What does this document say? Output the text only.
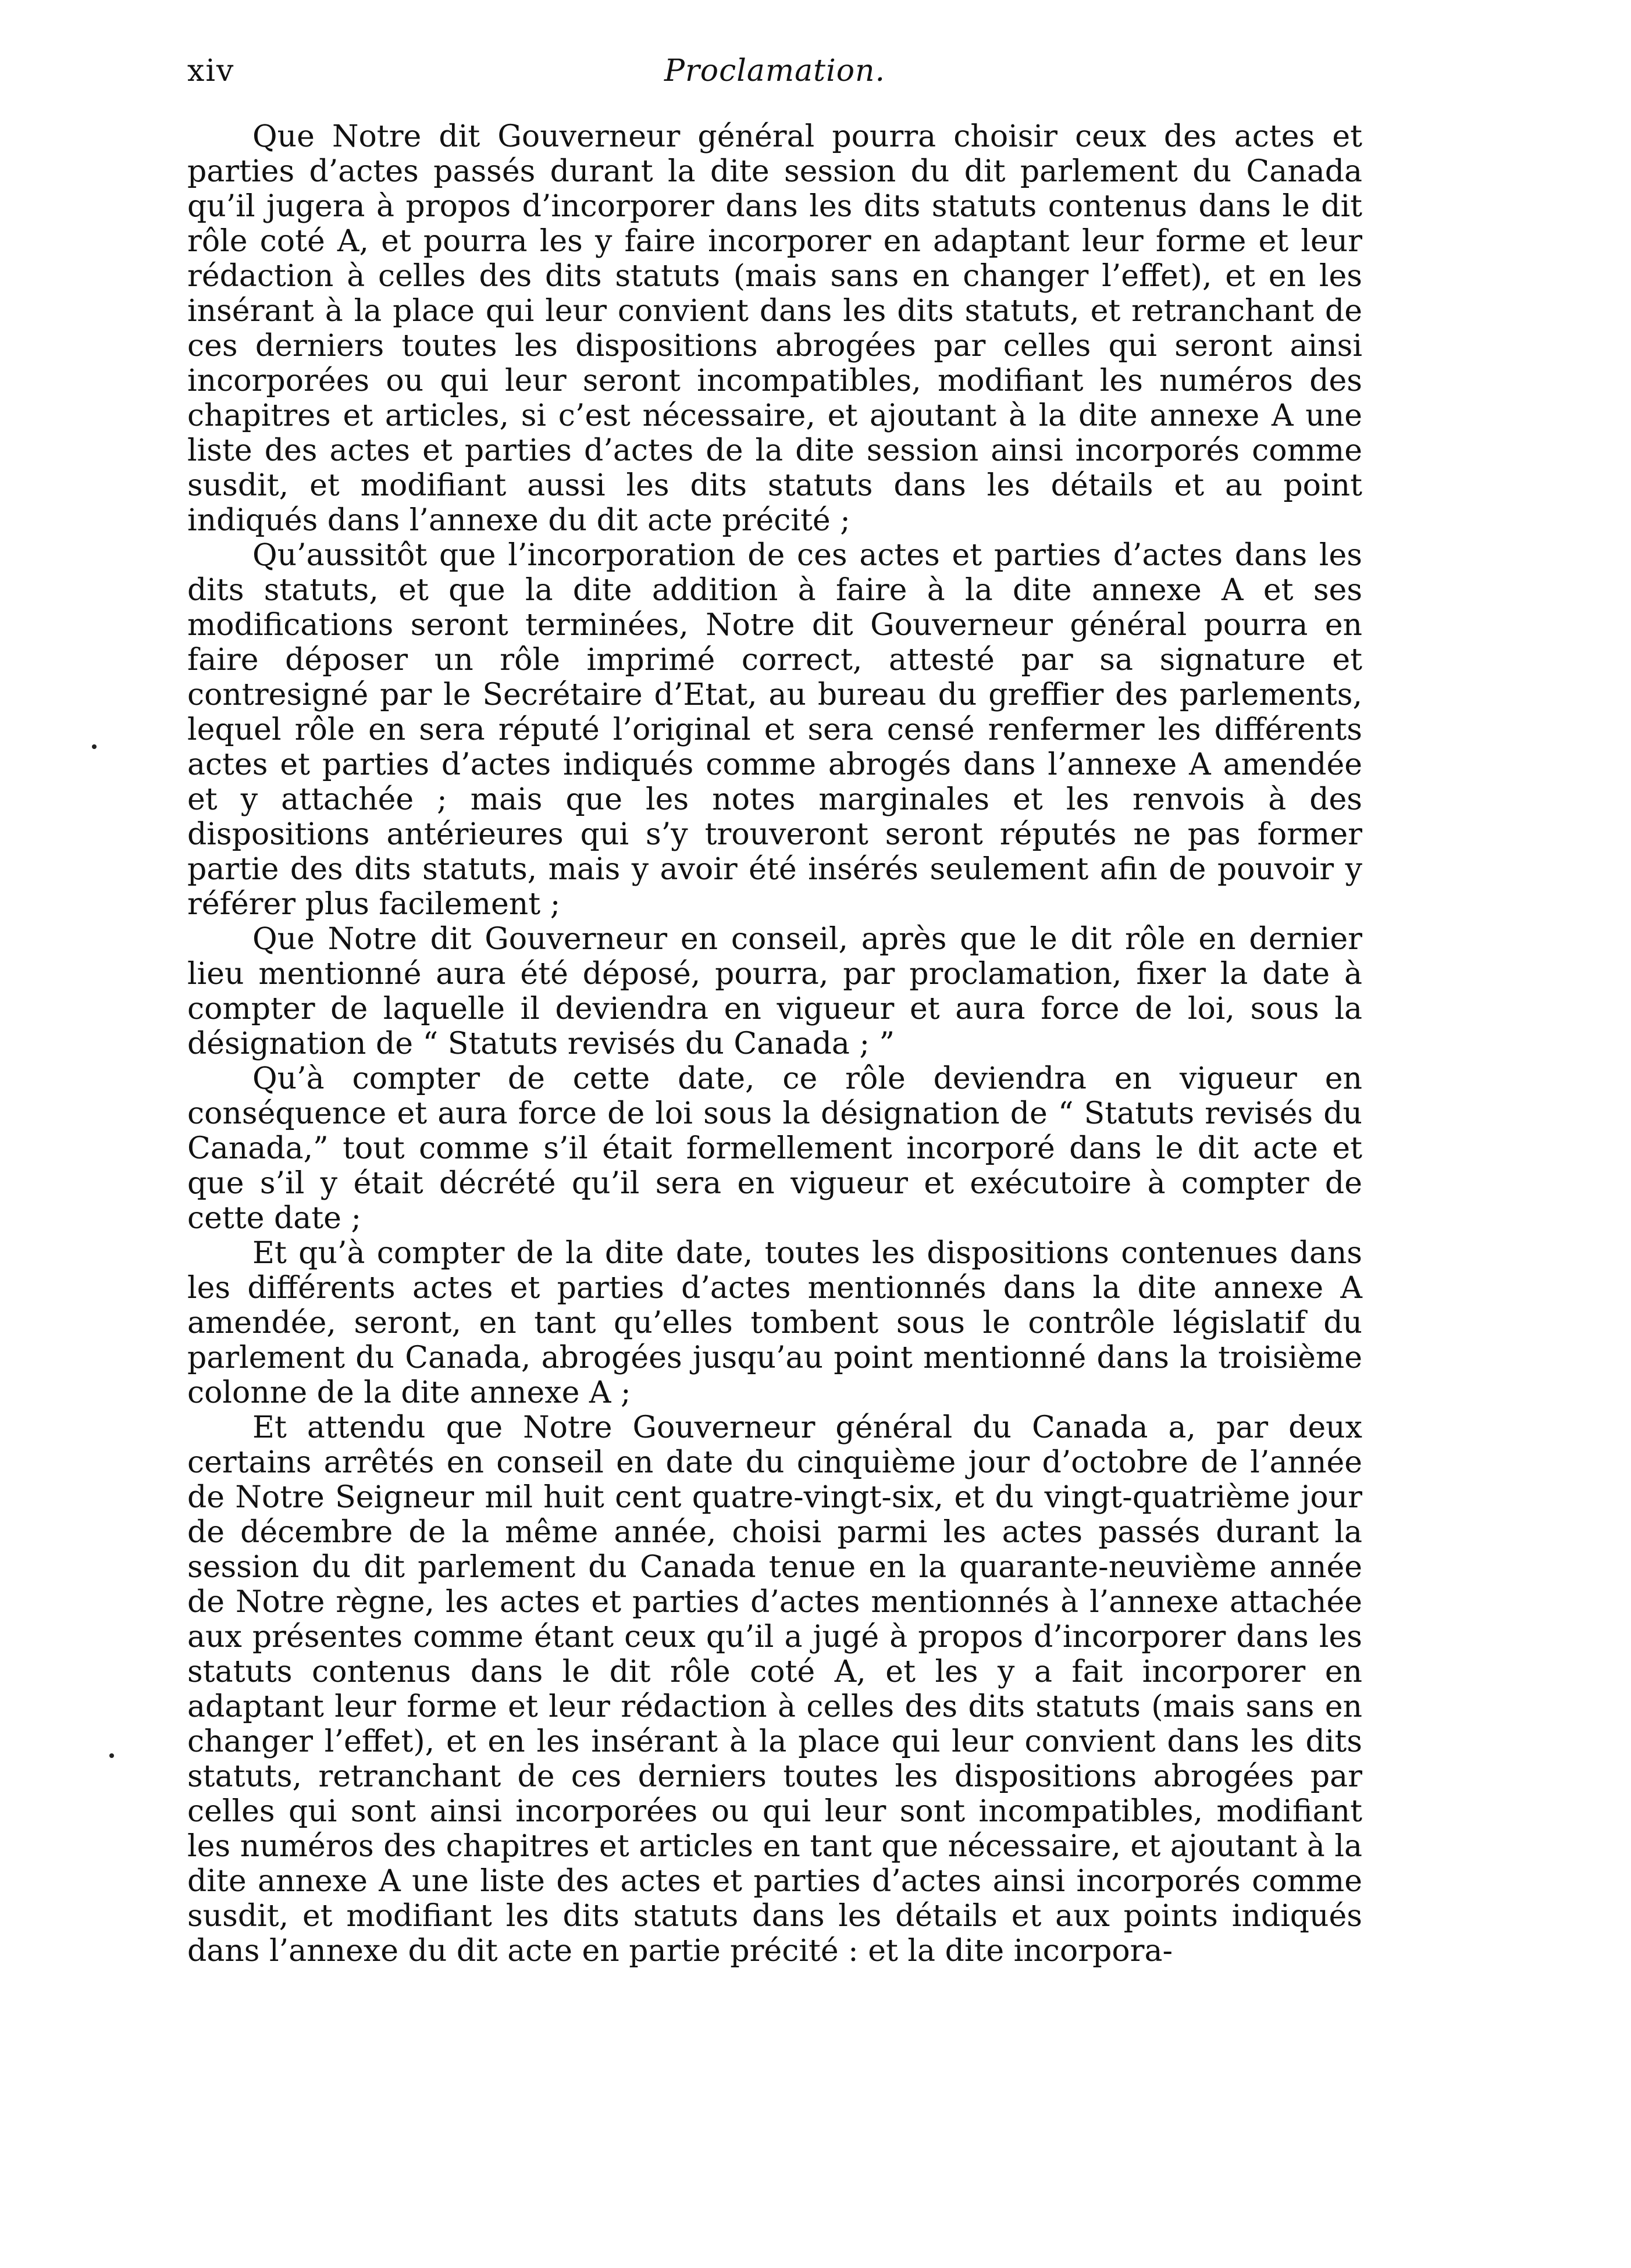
xiv	Proclamation.

Que Notre dit Gouverneur général pourra choisir ceux des actes et parties d’actes passés durant la dite session du dit parlement du Canada qu’il jugera à propos d’incorporer dans les dits statuts contenus dans le dit rôle coté A, et pourra les y faire incorporer en adaptant leur forme et leur rédaction à celles des dits statuts (mais sans en changer l’effet), et en les insérant à la place qui leur convient dans les dits statuts, et retranchant de ces derniers toutes les dispositions abrogées par celles qui seront ainsi incorporées ou qui leur seront incompatibles, modifiant les numéros des chapitres et articles, si c’est nécessaire, et ajoutant à la dite annexe A une liste des actes et parties d’actes de la dite session ainsi incorporés comme susdit, et modifiant aussi les dits statuts dans les détails et au point indiqués dans l’annexe du dit acte précité ;

Qu’aussitôt que l’incorporation de ces actes et parties d’actes dans les dits statuts, et que la dite addition à faire à la dite annexe A et ses modifications seront terminées, Notre dit Gouverneur général pourra en faire déposer un rôle imprimé correct, attesté par sa signature et contresigné par le Secrétaire d’Etat, au bureau du greffier des parlements, lequel rôle en sera réputé l’original et sera censé renfermer les différents actes et parties d’actes indiqués comme abrogés dans l’annexe A amendée et y attachée ; mais que les notes marginales et les renvois à des dispositions antérieures qui s’y trouveront seront réputés ne pas former partie des dits statuts, mais y avoir été insérés seulement afin de pouvoir y référer plus facilement ;

Que Notre dit Gouverneur en conseil, après que le dit rôle en dernier lieu mentionné aura été déposé, pourra, par proclamation, fixer la date à compter de laquelle il deviendra en vigueur et aura force de loi, sous la désignation de “ Statuts revisés du Canada ; ”

Qu’à compter de cette date, ce rôle deviendra en vigueur en conséquence et aura force de loi sous la désignation de “ Statuts revisés du Canada,” tout comme s’il était formellement incorporé dans le dit acte et que s’il y était décrété qu’il sera en vigueur et exécutoire à compter de cette date ;

Et qu’à compter de la dite date, toutes les dispositions contenues dans les différents actes et parties d’actes mentionnés dans la dite annexe A amendée, seront, en tant qu’elles tombent sous le contrôle législatif du parlement du Canada, abrogées jusqu’au point mentionné dans la troisième colonne de la dite annexe A ;

Et attendu que Notre Gouverneur général du Canada a, par deux certains arrêtés en conseil en date du cinquième jour d’octobre de l’année de Notre Seigneur mil huit cent quatre-vingt-six, et du vingt-quatrième jour de décembre de la même année, choisi parmi les actes passés durant la session du dit parlement du Canada tenue en la quarante-neuvième année de Notre règne, les actes et parties d’actes mentionnés à l’annexe attachée aux présentes comme étant ceux qu’il a jugé à propos d’incorporer dans les statuts contenus dans le dit rôle coté A, et les y a fait incorporer en adaptant leur forme et leur rédaction à celles des dits statuts (mais sans en changer l’effet), et en les insérant à la place qui leur convient dans les dits statuts, retranchant de ces derniers toutes les dispositions abrogées par celles qui sont ainsi incorporées ou qui leur sont incompatibles, modifiant les numéros des chapitres et articles en tant que nécessaire, et ajoutant à la dite annexe A une liste des actes et parties d’actes ainsi incorporés comme susdit, et modifiant les dits statuts dans les détails et aux points indiqués dans l’annexe du dit acte en partie précité : et la dite incorpora-
